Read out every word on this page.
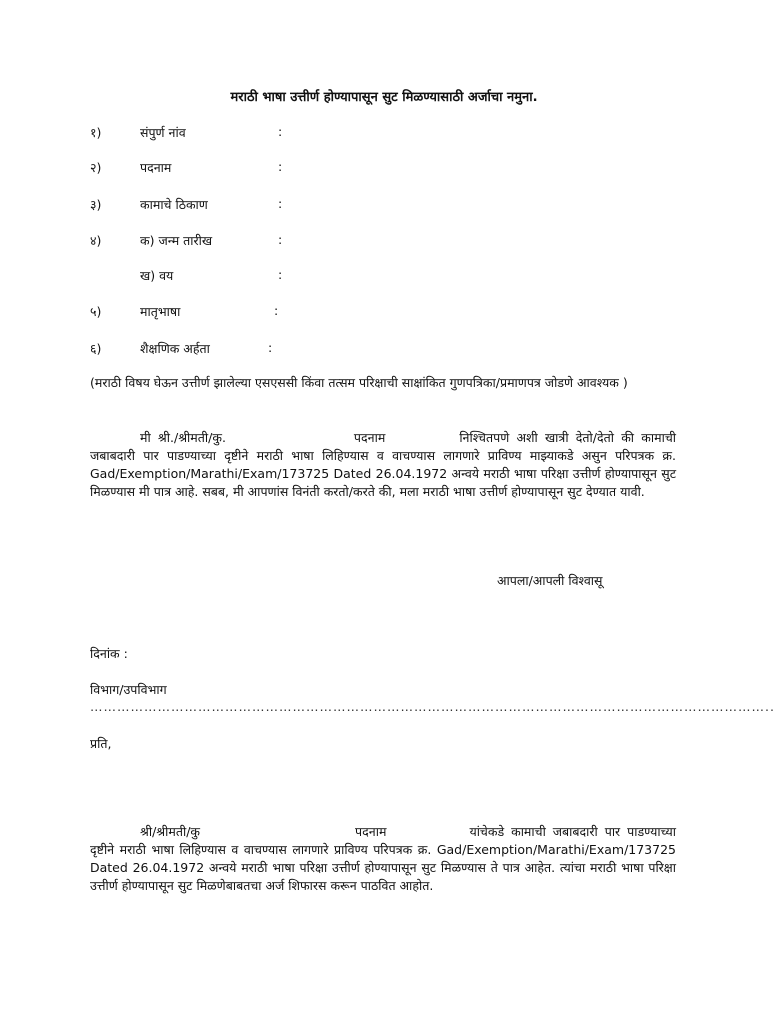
मराठी भाषा उत्तीर्ण होण्यापासून सुट मिळण्यासाठी अर्जाचा नमुना.
१)	संपुर्ण नांव	:
२)	पदनाम	:
३)	कामाचे ठिकाण	:
४)	क) जन्म तारीख	:
ख) वय	:
५)	मातृभाषा	:
६)	शैक्षणिक अर्हता	:
(मराठी विषय घेऊन उत्तीर्ण झालेल्या एसएससी किंवा तत्सम परिक्षाची साक्षांकित गुणपत्रिका/प्रमाणपत्र जोडणे आवश्यक )
मी श्री./श्रीमती/कु.	पदनाम	निश्चितपणे अशी खात्री देतो/देतो की कामाची जबाबदारी पार पाडण्याच्या दृष्टीने मराठी भाषा लिहिण्यास व वाचण्यास लागणारे प्राविण्य माझ्याकडे असुन परिपत्रक क्र. Gad/Exemption/Marathi/Exam/173725 Dated 26.04.1972 अन्वये मराठी भाषा परिक्षा उत्तीर्ण होण्यापासून सुट मिळण्यास मी पात्र आहे. सबब, मी आपणांस विनंती करतो/करते की, मला मराठी भाषा उत्तीर्ण होण्यापासून सुट देण्यात यावी.
आपला/आपली विश्वासू
दिनांक :
विभाग/उपविभाग
……………………………………………………………………………………………………………………………………..
प्रति,
श्री/श्रीमती/कु	पदनाम	यांचेकडे कामाची जबाबदारी पार पाडण्याच्या दृष्टीने मराठी भाषा लिहिण्यास व वाचण्यास लागणारे प्राविण्य परिपत्रक क्र. Gad/Exemption/Marathi/Exam/173725 Dated 26.04.1972 अन्वये मराठी भाषा परिक्षा उत्तीर्ण होण्यापासून सुट मिळण्यास ते पात्र आहेत. त्यांचा मराठी भाषा परिक्षा उत्तीर्ण होण्यापासून सुट मिळणेबाबतचा अर्ज शिफारस करून पाठवित आहोत.
